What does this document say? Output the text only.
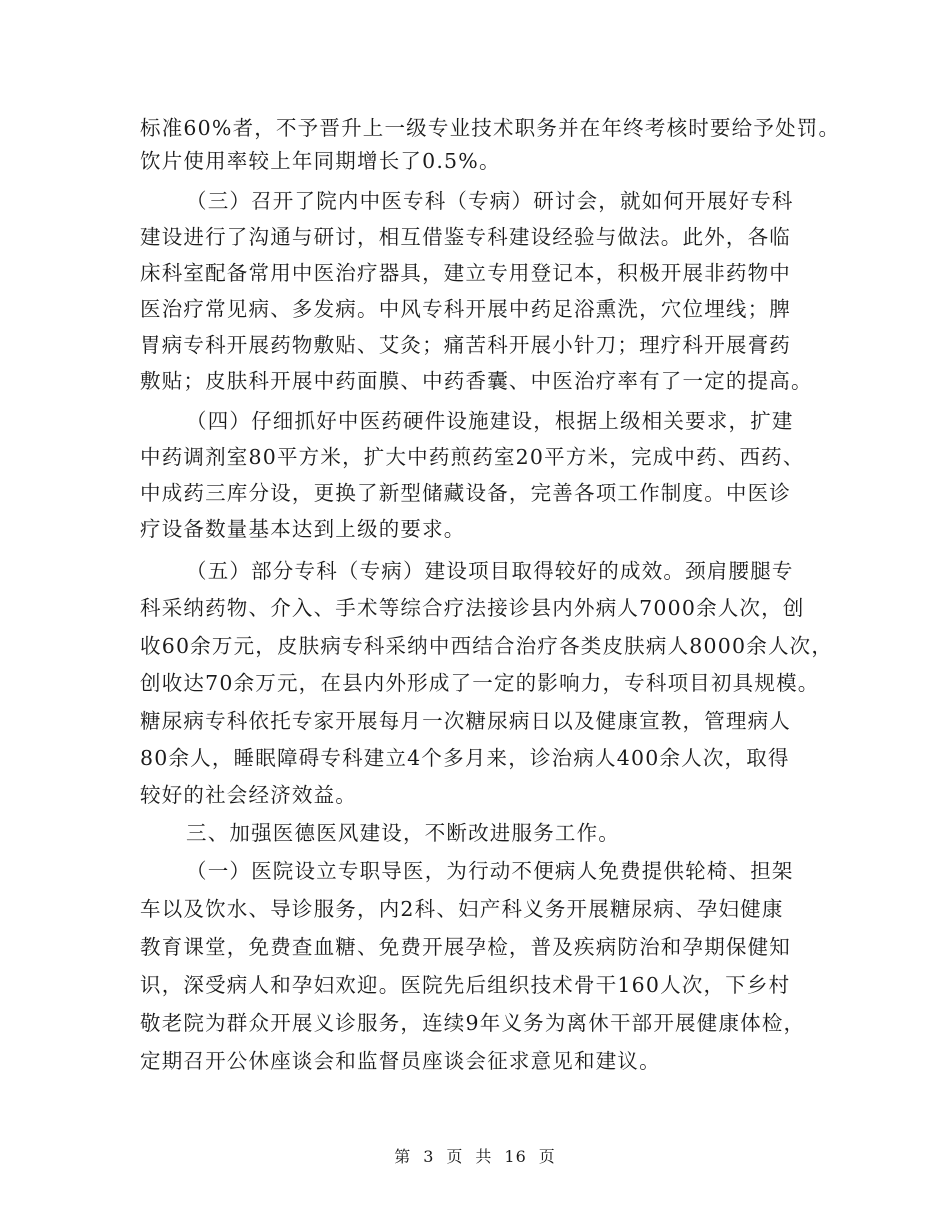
标准60%者，不予晋升上一级专业技术职务并在年终考核时要给予处罚。
饮片使用率较上年同期增长了0.5%。
（三）召开了院内中医专科（专病）研讨会，就如何开展好专科
建设进行了沟通与研讨，相互借鉴专科建设经验与做法。此外，各临
床科室配备常用中医治疗器具，建立专用登记本，积极开展非药物中
医治疗常见病、多发病。中风专科开展中药足浴熏洗，穴位埋线；脾
胃病专科开展药物敷贴、艾灸；痛苦科开展小针刀；理疗科开展膏药
敷贴；皮肤科开展中药面膜、中药香囊、中医治疗率有了一定的提高。
（四）仔细抓好中医药硬件设施建设，根据上级相关要求，扩建
中药调剂室80平方米，扩大中药煎药室20平方米，完成中药、西药、
中成药三库分设，更换了新型储藏设备，完善各项工作制度。中医诊
疗设备数量基本达到上级的要求。
（五）部分专科（专病）建设项目取得较好的成效。颈肩腰腿专
科采纳药物、介入、手术等综合疗法接诊县内外病人7000余人次，创
收60余万元，皮肤病专科采纳中西结合治疗各类皮肤病人8000余人次，
创收达70余万元，在县内外形成了一定的影响力，专科项目初具规模。
糖尿病专科依托专家开展每月一次糖尿病日以及健康宣教，管理病人
80余人，睡眠障碍专科建立4个多月来，诊治病人400余人次，取得
较好的社会经济效益。
三、加强医德医风建设，不断改进服务工作。
（一）医院设立专职导医，为行动不便病人免费提供轮椅、担架
车以及饮水、导诊服务，内2科、妇产科义务开展糖尿病、孕妇健康
教育课堂，免费查血糖、免费开展孕检，普及疾病防治和孕期保健知
识，深受病人和孕妇欢迎。医院先后组织技术骨干160人次，下乡村
敬老院为群众开展义诊服务，连续9年义务为离休干部开展健康体检，
定期召开公休座谈会和监督员座谈会征求意见和建议。
第 3 页 共 16 页
